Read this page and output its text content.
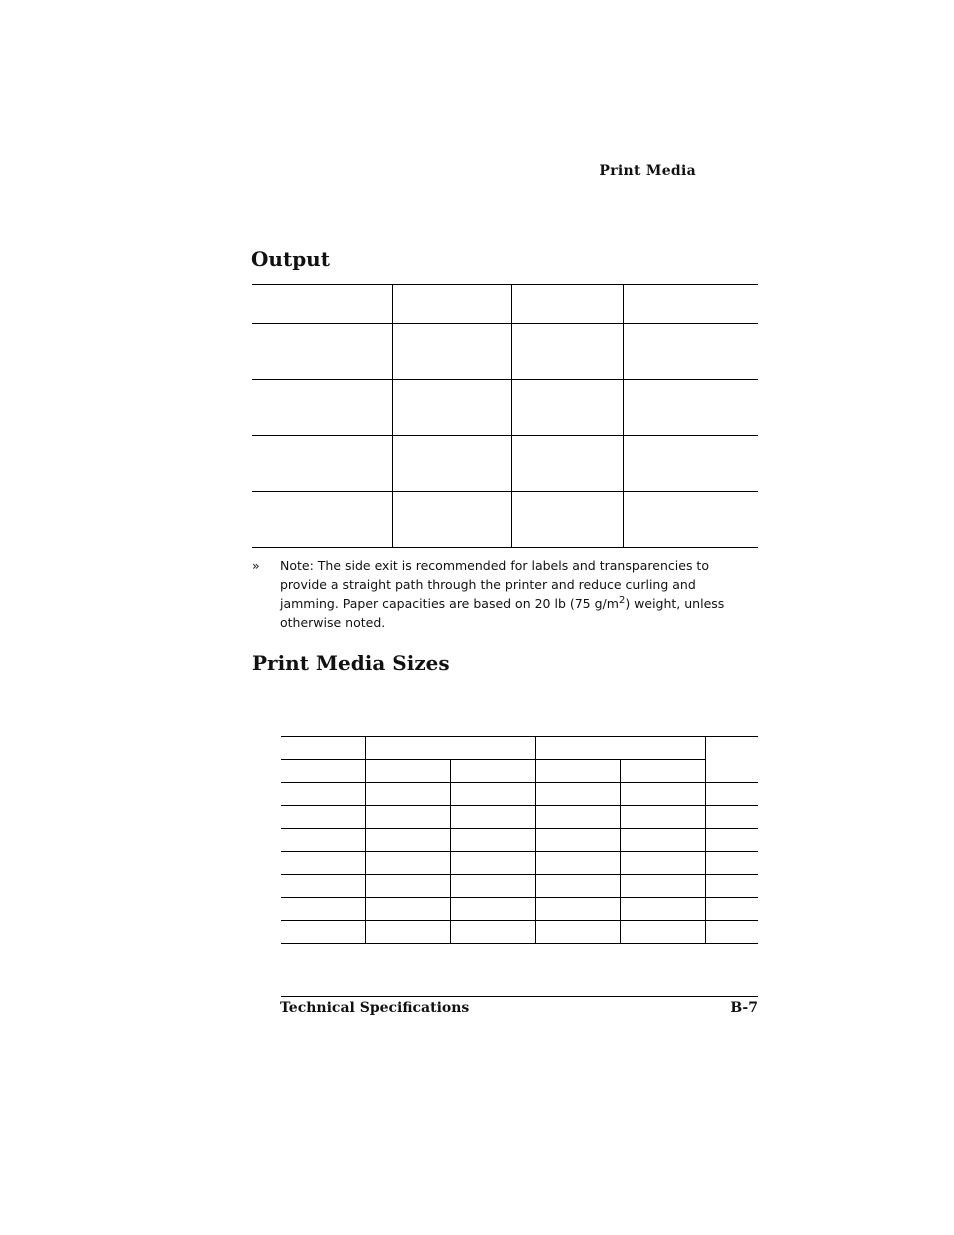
Print Media
Output

» Note: The side exit is recommended for labels and transparencies to provide a straight path through the printer and reduce curling and jamming. Paper capacities are based on 20 lb (75 $g/m^2$) weight, unless otherwise noted.
Print Media Sizes

Technical Specifications	B-7
